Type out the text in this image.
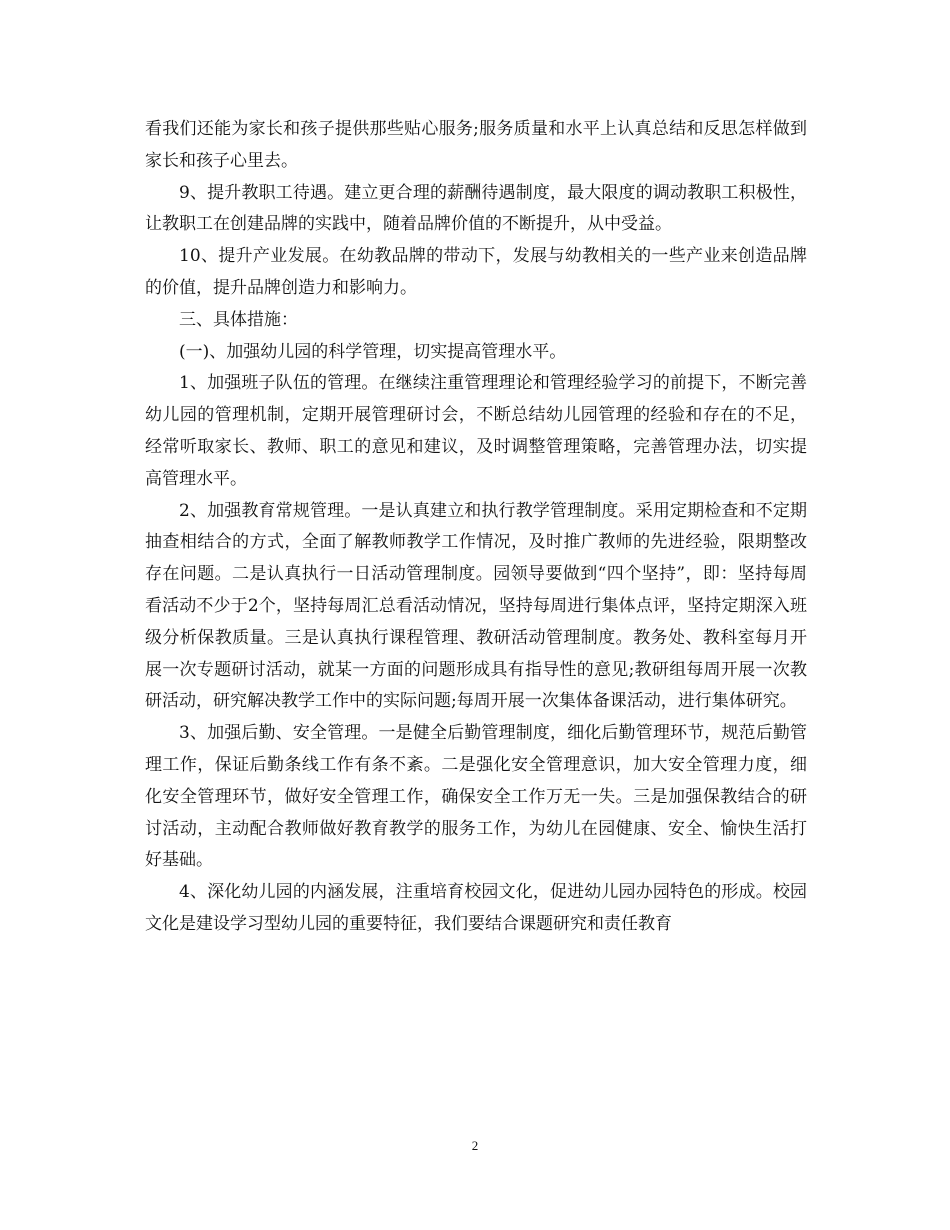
看我们还能为家长和孩子提供那些贴心服务;服务质量和水平上认真总结和反思怎样做到家长和孩子心里去。

9、提升教职工待遇。建立更合理的薪酬待遇制度，最大限度的调动教职工积极性，让教职工在创建品牌的实践中，随着品牌价值的不断提升，从中受益。

10、提升产业发展。在幼教品牌的带动下，发展与幼教相关的一些产业来创造品牌的价值，提升品牌创造力和影响力。

三、具体措施：

(一)、加强幼儿园的科学管理，切实提高管理水平。

1、加强班子队伍的管理。在继续注重管理理论和管理经验学习的前提下，不断完善幼儿园的管理机制，定期开展管理研讨会，不断总结幼儿园管理的经验和存在的不足，经常听取家长、教师、职工的意见和建议，及时调整管理策略，完善管理办法，切实提高管理水平。

2、加强教育常规管理。一是认真建立和执行教学管理制度。采用定期检查和不定期抽查相结合的方式，全面了解教师教学工作情况，及时推广教师的先进经验，限期整改存在问题。二是认真执行一日活动管理制度。园领导要做到“四个坚持”，即：坚持每周看活动不少于2个，坚持每周汇总看活动情况，坚持每周进行集体点评，坚持定期深入班级分析保教质量。三是认真执行课程管理、教研活动管理制度。教务处、教科室每月开展一次专题研讨活动，就某一方面的问题形成具有指导性的意见;教研组每周开展一次教研活动，研究解决教学工作中的实际问题;每周开展一次集体备课活动，进行集体研究。

3、加强后勤、安全管理。一是健全后勤管理制度，细化后勤管理环节，规范后勤管理工作，保证后勤条线工作有条不紊。二是强化安全管理意识，加大安全管理力度，细化安全管理环节，做好安全管理工作，确保安全工作万无一失。三是加强保教结合的研讨活动，主动配合教师做好教育教学的服务工作，为幼儿在园健康、安全、愉快生活打好基础。

4、深化幼儿园的内涵发展，注重培育校园文化，促进幼儿园办园特色的形成。校园文化是建设学习型幼儿园的重要特征，我们要结合课题研究和责任教育

2
